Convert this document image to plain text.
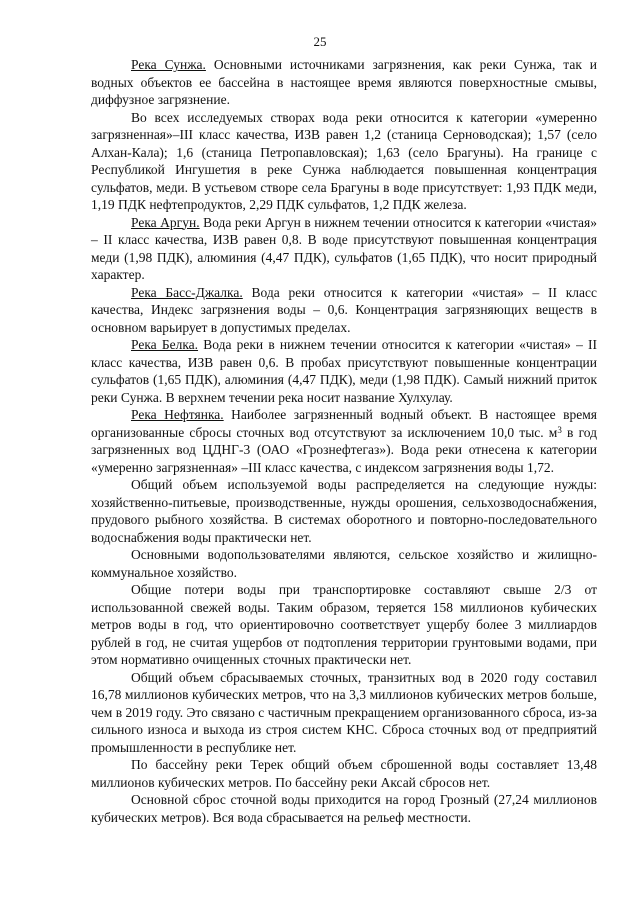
25

Река Сунжа. Основными источниками загрязнения, как реки Сунжа, так и водных объектов ее бассейна в настоящее время являются поверхностные смывы, диффузное загрязнение.

Во всех исследуемых створах вода реки относится к категории «умеренно загрязненная»–III класс качества, ИЗВ равен 1,2 (станица Серноводская); 1,57 (село Алхан-Кала); 1,6 (станица Петропавловская); 1,63 (село Брагуны). На границе с Республикой Ингушетия в реке Сунжа наблюдается повышенная концентрация сульфатов, меди. В устьевом створе села Брагуны в воде присутствует: 1,93 ПДК меди, 1,19 ПДК нефтепродуктов, 2,29 ПДК сульфатов, 1,2 ПДК железа.

Река Аргун. Вода реки Аргун в нижнем течении относится к категории «чистая» – II класс качества, ИЗВ равен 0,8. В воде присутствуют повышенная концентрация меди (1,98 ПДК), алюминия (4,47 ПДК), сульфатов (1,65 ПДК), что носит природный характер.

Река Басс-Джалка. Вода реки относится к категории «чистая» – II класс качества, Индекс загрязнения воды – 0,6. Концентрация загрязняющих веществ в основном варьирует в допустимых пределах.

Река Белка. Вода реки в нижнем течении относится к категории «чистая» – II класс качества, ИЗВ равен 0,6. В пробах присутствуют повышенные концентрации сульфатов (1,65 ПДК), алюминия (4,47 ПДК), меди (1,98 ПДК). Самый нижний приток реки Сунжа. В верхнем течении река носит название Хулхулау.

Река Нефтянка. Наиболее загрязненный водный объект. В настоящее время организованные сбросы сточных вод отсутствуют за исключением 10,0 тыс. $м^3$ в год загрязненных вод ЦДНГ-3 (ОАО «Грознефтегаз»). Вода реки отнесена к категории «умеренно загрязненная» –III класс качества, с индексом загрязнения воды 1,72.

Общий объем используемой воды распределяется на следующие нужды: хозяйственно-питьевые, производственные, нужды орошения, сельхозводоснабжения, прудового рыбного хозяйства. В системах оборотного и повторно-последовательного водоснабжения воды практически нет.

Основными водопользователями являются, сельское хозяйство и жилищно-коммунальное хозяйство.

Общие потери воды при транспортировке составляют свыше 2/3 от использованной свежей воды. Таким образом, теряется 158 миллионов кубических метров воды в год, что ориентировочно соответствует ущербу более 3 миллиардов рублей в год, не считая ущербов от подтопления территории грунтовыми водами, при этом нормативно очищенных сточных практически нет.

Общий объем сбрасываемых сточных, транзитных вод в 2020 году составил 16,78 миллионов кубических метров, что на 3,3 миллионов кубических метров больше, чем в 2019 году. Это связано с частичным прекращением организованного сброса, из-за сильного износа и выхода из строя систем КНС. Сброса сточных вод от предприятий промышленности в республике нет.

По бассейну реки Терек общий объем сброшенной воды составляет 13,48 миллионов кубических метров. По бассейну реки Аксай сбросов нет.

Основной сброс сточной воды приходится на город Грозный (27,24 миллионов кубических метров). Вся вода сбрасывается на рельеф местности.
